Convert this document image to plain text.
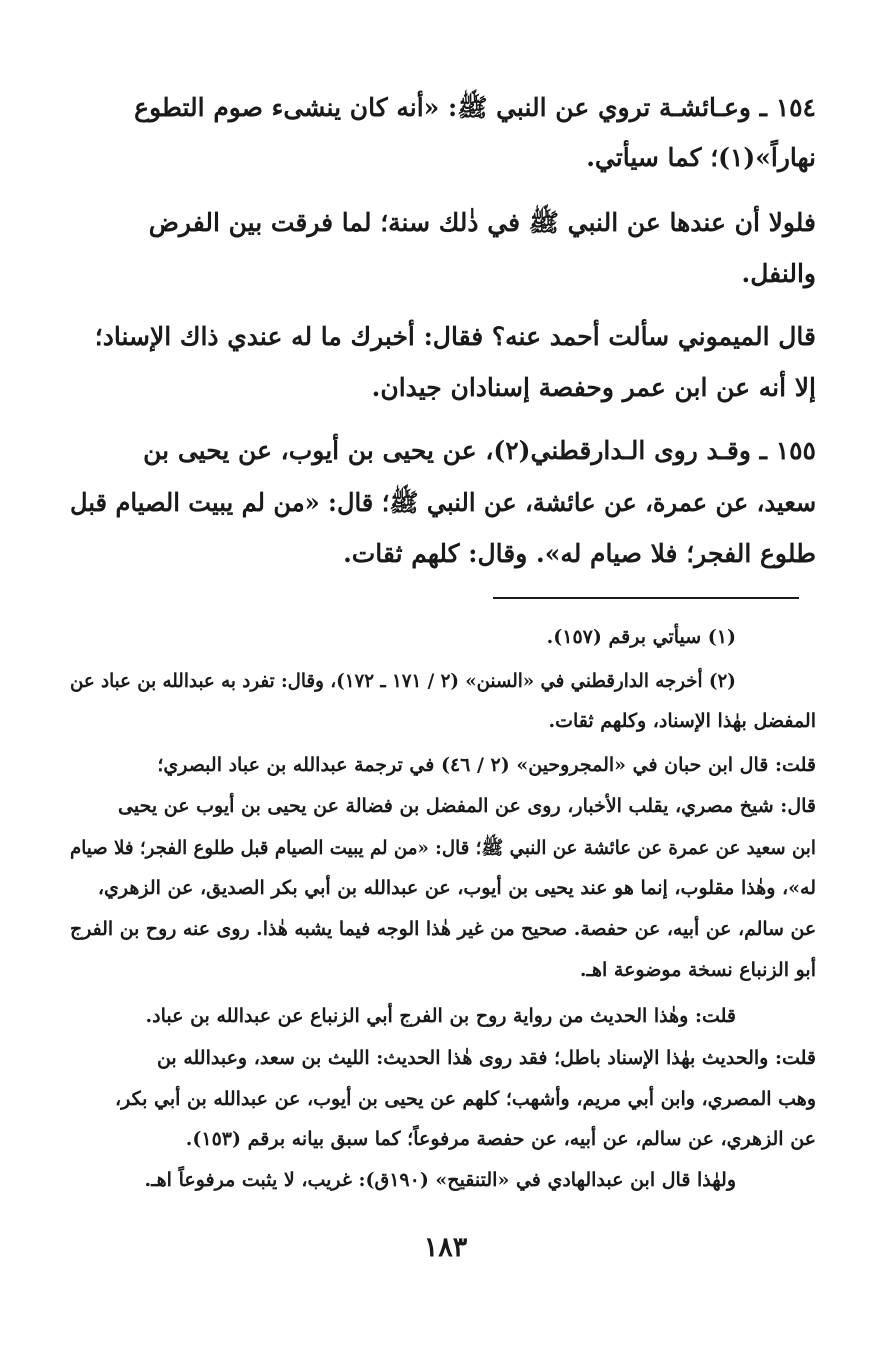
١٥٤ ـ وعـائشـة تروي عن النبي ﷺ: «أنه كان ينشىء صوم التطوع
نهاراً»(١)؛ كما سيأتي.
فلولا أن عندها عن النبي ﷺ في ذٰلك سنة؛ لما فرقت بين الفرض
والنفل.
قال الميموني سألت أحمد عنه؟ فقال: أخبرك ما له عندي ذاك الإسناد؛
إلا أنه عن ابن عمر وحفصة إسنادان جيدان.
١٥٥ ـ وقـد روى الـدارقطني(٢)، عن يحيى بن أيوب، عن يحيى بن
سعيد، عن عمرة، عن عائشة، عن النبي ﷺ؛ قال: «من لم يبيت الصيام قبل
طلوع الفجر؛ فلا صيام له». وقال: كلهم ثقات.
(١) سيأتي برقم (١٥٧).
(٢) أخرجه الدارقطني في «السنن» (٢ / ١٧١ ـ ١٧٢)، وقال: تفرد به عبدالله بن عباد عن
المفضل بهٰذا الإسناد، وكلهم ثقات.
قلت: قال ابن حبان في «المجروحين» (٢ / ٤٦) في ترجمة عبدالله بن عباد البصري؛
قال: شيخ مصري، يقلب الأخبار، روى عن المفضل بن فضالة عن يحيى بن أيوب عن يحيى
ابن سعيد عن عمرة عن عائشة عن النبي ﷺ؛ قال: «من لم يبيت الصيام قبل طلوع الفجر؛ فلا صيام
له»، وهٰذا مقلوب، إنما هو عند يحيى بن أيوب، عن عبدالله بن أبي بكر الصديق، عن الزهري،
عن سالم، عن أبيه، عن حفصة. صحيح من غير هٰذا الوجه فيما يشبه هٰذا. روى عنه روح بن الفرج
أبو الزنباع نسخة موضوعة اهـ.
قلت: وهٰذا الحديث من رواية روح بن الفرج أبي الزنباع عن عبدالله بن عباد.
قلت: والحديث بهٰذا الإسناد باطل؛ فقد روى هٰذا الحديث: الليث بن سعد، وعبدالله بن
وهب المصري، وابن أبي مريم، وأشهب؛ كلهم عن يحيى بن أيوب، عن عبدالله بن أبي بكر،
عن الزهري، عن سالم، عن أبيه، عن حفصة مرفوعاً؛ كما سبق بيانه برقم (١٥٣).
ولهٰذا قال ابن عبدالهادي في «التنقيح» (١٩٠ق): غريب، لا يثبت مرفوعاً اهـ.
١٨٣
